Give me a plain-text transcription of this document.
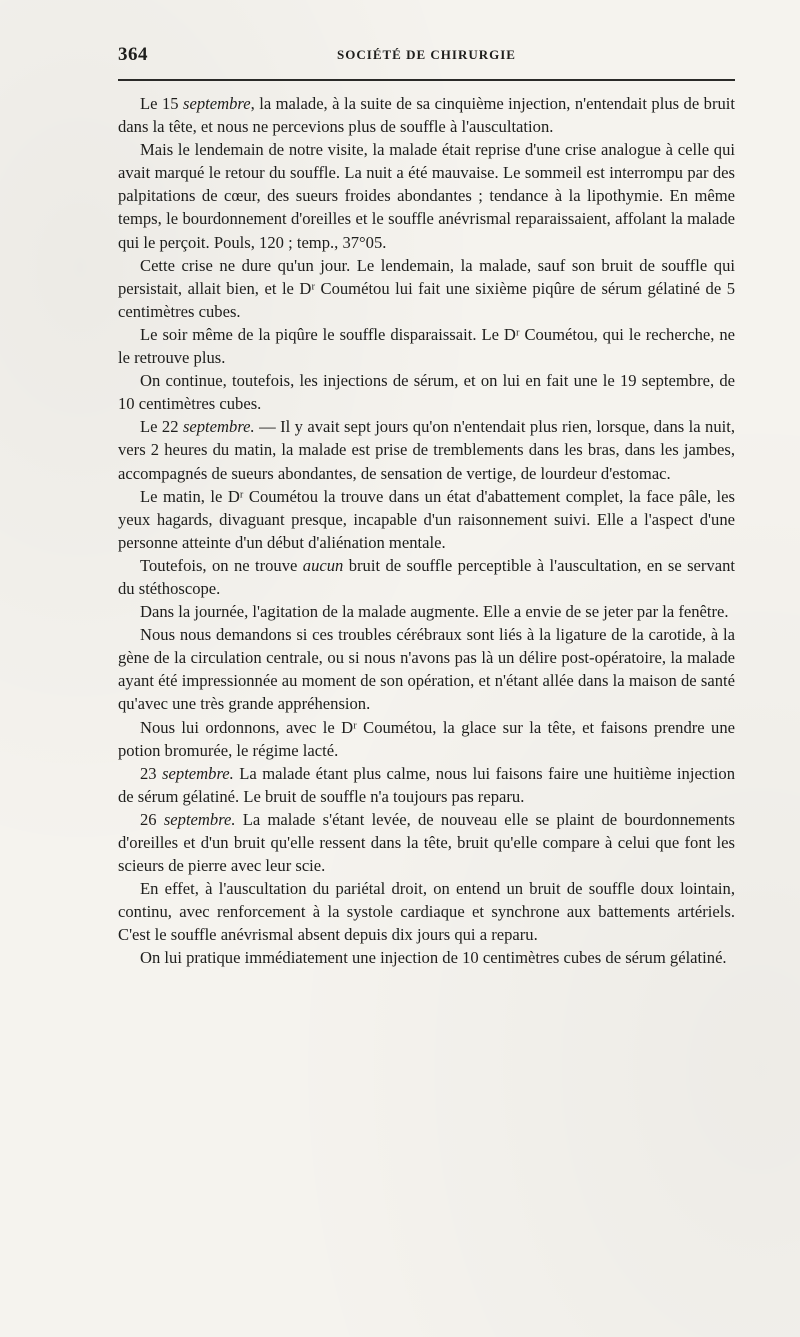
364	SOCIÉTÉ DE CHIRURGIE

Le 15 septembre, la malade, à la suite de sa cinquième injection, n'entendait plus de bruit dans la tête, et nous ne percevions plus de souffle à l'auscultation.

Mais le lendemain de notre visite, la malade était reprise d'une crise analogue à celle qui avait marqué le retour du souffle. La nuit a été mauvaise. Le sommeil est interrompu par des palpitations de cœur, des sueurs froides abondantes ; tendance à la lipothymie. En même temps, le bourdonnement d'oreilles et le souffle anévrismal reparaissaient, affolant la malade qui le perçoit. Pouls, 120 ; temp., 37°05.

Cette crise ne dure qu'un jour. Le lendemain, la malade, sauf son bruit de souffle qui persistait, allait bien, et le Dʳ Coumétou lui fait une sixième piqûre de sérum gélatiné de 5 centimètres cubes.

Le soir même de la piqûre le souffle disparaissait. Le Dʳ Coumétou, qui le recherche, ne le retrouve plus.

On continue, toutefois, les injections de sérum, et on lui en fait une le 19 septembre, de 10 centimètres cubes.

Le 22 septembre. — Il y avait sept jours qu'on n'entendait plus rien, lorsque, dans la nuit, vers 2 heures du matin, la malade est prise de tremblements dans les bras, dans les jambes, accompagnés de sueurs abondantes, de sensation de vertige, de lourdeur d'estomac.

Le matin, le Dʳ Coumétou la trouve dans un état d'abattement complet, la face pâle, les yeux hagards, divaguant presque, incapable d'un raisonnement suivi. Elle a l'aspect d'une personne atteinte d'un début d'aliénation mentale.

Toutefois, on ne trouve aucun bruit de souffle perceptible à l'auscultation, en se servant du stéthoscope.

Dans la journée, l'agitation de la malade augmente. Elle a envie de se jeter par la fenêtre.

Nous nous demandons si ces troubles cérébraux sont liés à la ligature de la carotide, à la gène de la circulation centrale, ou si nous n'avons pas là un délire post-opératoire, la malade ayant été impressionnée au moment de son opération, et n'étant allée dans la maison de santé qu'avec une très grande appréhension.

Nous lui ordonnons, avec le Dʳ Coumétou, la glace sur la tête, et faisons prendre une potion bromurée, le régime lacté.

23 septembre. La malade étant plus calme, nous lui faisons faire une huitième injection de sérum gélatiné. Le bruit de souffle n'a toujours pas reparu.

26 septembre. La malade s'étant levée, de nouveau elle se plaint de bourdonnements d'oreilles et d'un bruit qu'elle ressent dans la tête, bruit qu'elle compare à celui que font les scieurs de pierre avec leur scie.

En effet, à l'auscultation du pariétal droit, on entend un bruit de souffle doux lointain, continu, avec renforcement à la systole cardiaque et synchrone aux battements artériels. C'est le souffle anévrismal absent depuis dix jours qui a reparu.

On lui pratique immédiatement une injection de 10 centimètres cubes de sérum gélatiné.
